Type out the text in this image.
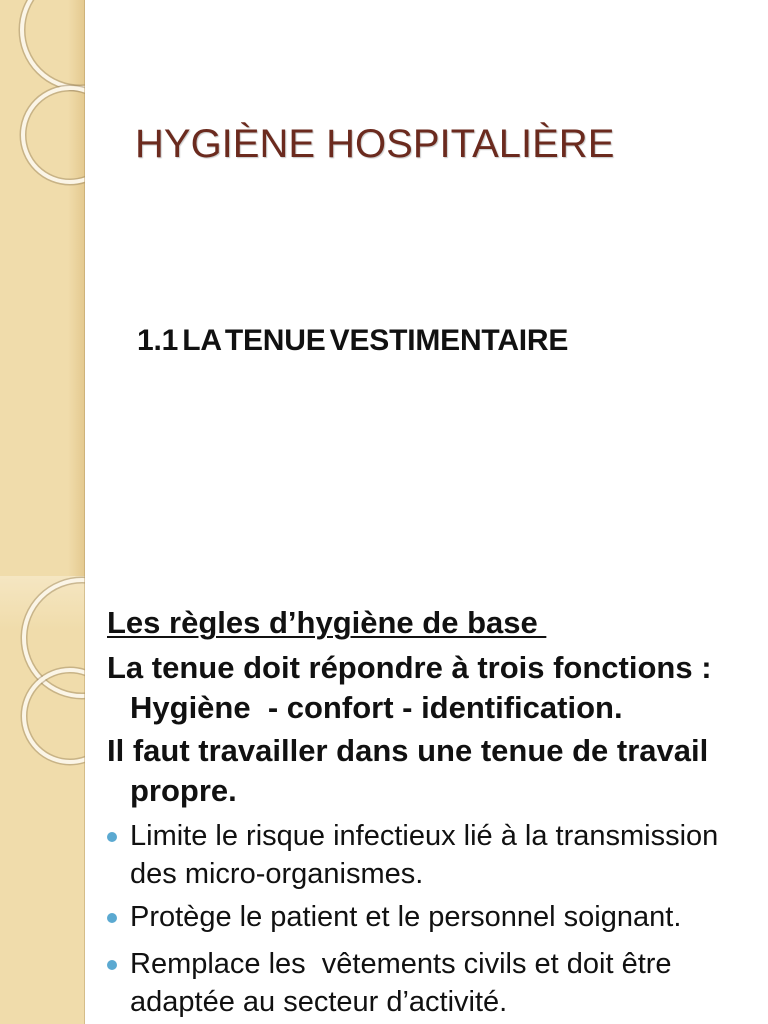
HYGIÈNE HOSPITALIÈRE
1.1 LA TENUE VESTIMENTAIRE
Les règles d’hygiène de base
La tenue doit répondre à trois fonctions :
Hygiène  - confort - identification.
Il faut travailler dans une tenue de travail
propre.
Limite le risque infectieux lié à la transmission
des micro-organismes.
Protège le patient et le personnel soignant.
Remplace les  vêtements civils et doit être
adaptée au secteur d’activité.
